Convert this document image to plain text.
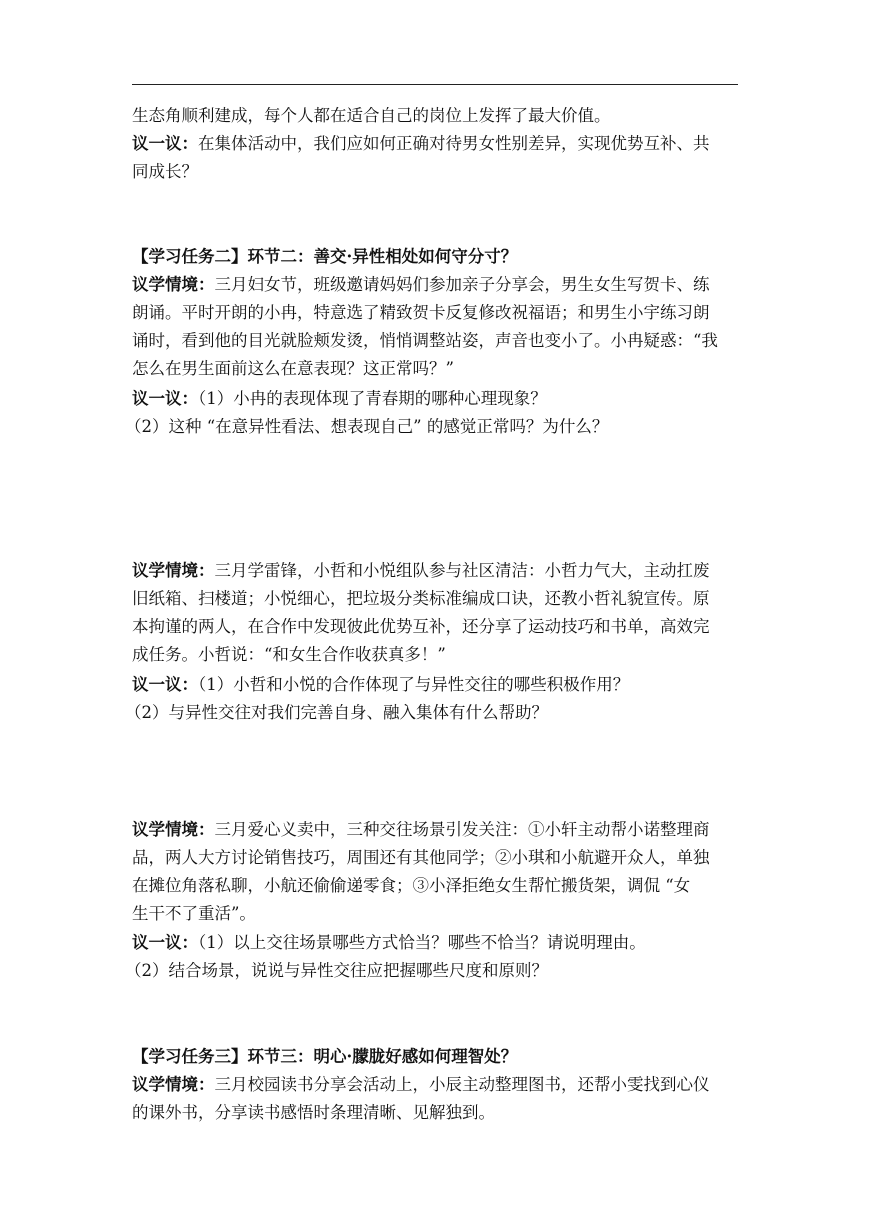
生态角顺利建成，每个人都在适合自己的岗位上发挥了最大价值。
议一议：在集体活动中，我们应如何正确对待男女性别差异，实现优势互补、共
同成长？
【学习任务二】环节二：善交·异性相处如何守分寸？
议学情境：三月妇女节，班级邀请妈妈们参加亲子分享会，男生女生写贺卡、练
朗诵。平时开朗的小冉，特意选了精致贺卡反复修改祝福语；和男生小宇练习朗
诵时，看到他的目光就脸颊发烫，悄悄调整站姿，声音也变小了。小冉疑惑：“我
怎么在男生面前这么在意表现？这正常吗？”
议一议：（1）小冉的表现体现了青春期的哪种心理现象？
（2）这种 “在意异性看法、想表现自己” 的感觉正常吗？为什么？
议学情境：三月学雷锋，小哲和小悦组队参与社区清洁：小哲力气大，主动扛废
旧纸箱、扫楼道；小悦细心，把垃圾分类标准编成口诀，还教小哲礼貌宣传。原
本拘谨的两人，在合作中发现彼此优势互补，还分享了运动技巧和书单，高效完
成任务。小哲说：“和女生合作收获真多！”
议一议：（1）小哲和小悦的合作体现了与异性交往的哪些积极作用？
（2）与异性交往对我们完善自身、融入集体有什么帮助？
议学情境：三月爱心义卖中，三种交往场景引发关注：①小轩主动帮小诺整理商
品，两人大方讨论销售技巧，周围还有其他同学；②小琪和小航避开众人，单独
在摊位角落私聊，小航还偷偷递零食；③小泽拒绝女生帮忙搬货架，调侃 “女
生干不了重活”。
议一议：（1）以上交往场景哪些方式恰当？哪些不恰当？请说明理由。
（2）结合场景，说说与异性交往应把握哪些尺度和原则？
【学习任务三】环节三：明心·朦胧好感如何理智处？
议学情境：三月校园读书分享会活动上，小辰主动整理图书，还帮小雯找到心仪
的课外书，分享读书感悟时条理清晰、见解独到。
